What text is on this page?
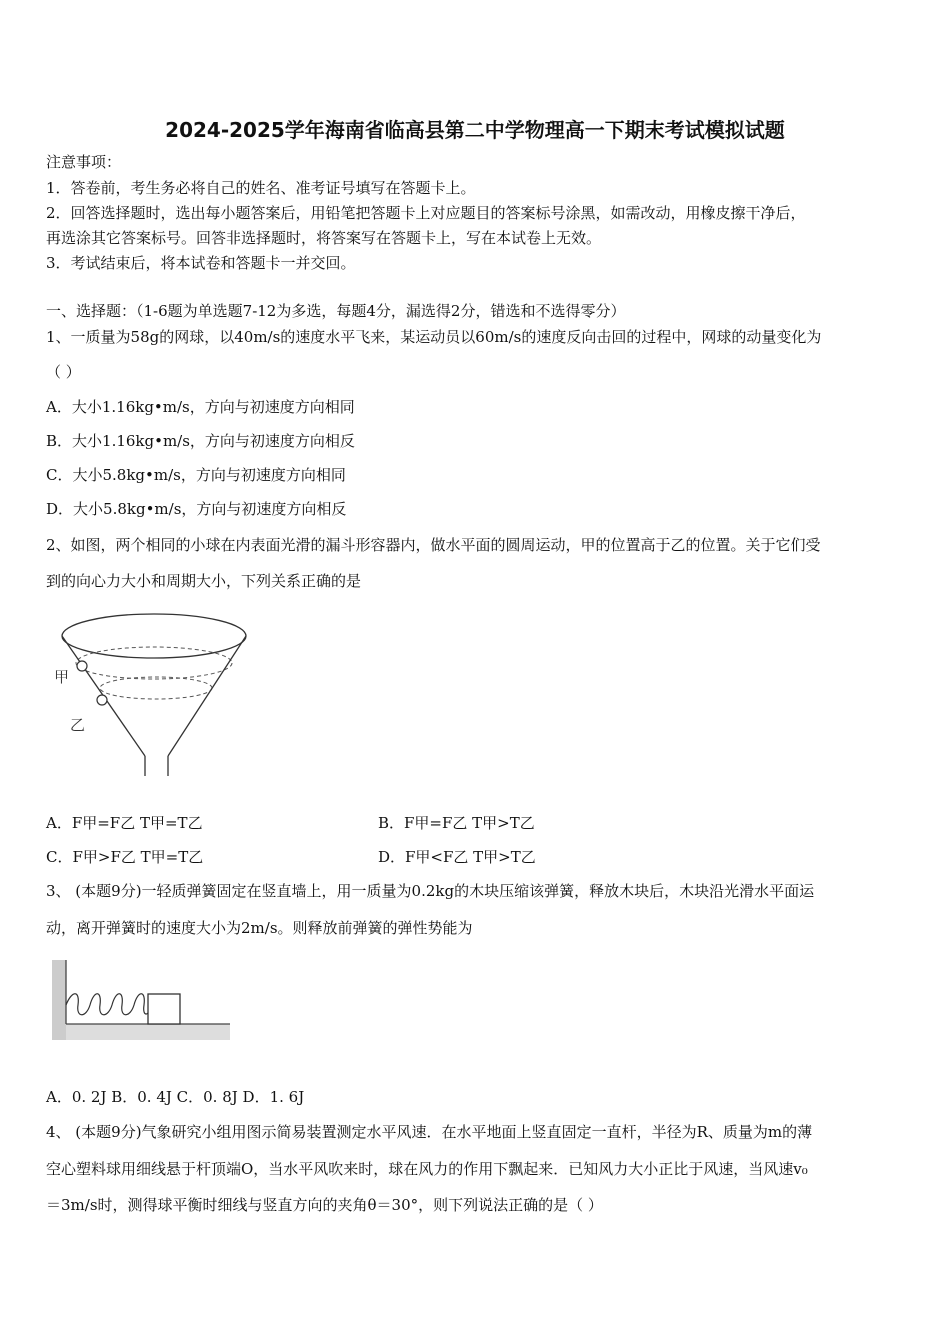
2024-2025学年海南省临高县第二中学物理高一下期末考试模拟试题
注意事项：
1．答卷前，考生务必将自己的姓名、准考证号填写在答题卡上。
2．回答选择题时，选出每小题答案后，用铅笔把答题卡上对应题目的答案标号涂黑，如需改动，用橡皮擦干净后，
再选涂其它答案标号。回答非选择题时，将答案写在答题卡上，写在本试卷上无效。
3．考试结束后，将本试卷和答题卡一并交回。
一、选择题：（1-6题为单选题7-12为多选，每题4分，漏选得2分，错选和不选得零分）
1、一质量为58g的网球，以40m/s的速度水平飞来，某运动员以60m/s的速度反向击回的过程中，网球的动量变化为
（ ）
A．大小1.16kg•m/s，方向与初速度方向相同
B．大小1.16kg•m/s，方向与初速度方向相反
C．大小5.8kg•m/s，方向与初速度方向相同
D．大小5.8kg•m/s，方向与初速度方向相反
2、如图，两个相同的小球在内表面光滑的漏斗形容器内，做水平面的圆周运动，甲的位置高于乙的位置。关于它们受
到的向心力大小和周期大小，下列关系正确的是
甲
乙
A．F甲=F乙 T甲=T乙	B．F甲=F乙 T甲>T乙
C．F甲>F乙 T甲=T乙	D．F甲<F乙 T甲>T乙
3、 (本题9分)一轻质弹簧固定在竖直墙上，用一质量为0.2kg的木块压缩该弹簧，释放木块后，木块沿光滑水平面运
动，离开弹簧时的速度大小为2m/s。则释放前弹簧的弹性势能为
A．0. 2J B．0. 4J C．0. 8J D．1. 6J
4、 (本题9分)气象研究小组用图示简易装置测定水平风速．在水平地面上竖直固定一直杆，半径为R、质量为m的薄
空心塑料球用细线悬于杆顶端O，当水平风吹来时，球在风力的作用下飘起来．已知风力大小正比于风速，当风速v₀
＝3m/s时，测得球平衡时细线与竖直方向的夹角θ＝30°，则下列说法正确的是（ ）
